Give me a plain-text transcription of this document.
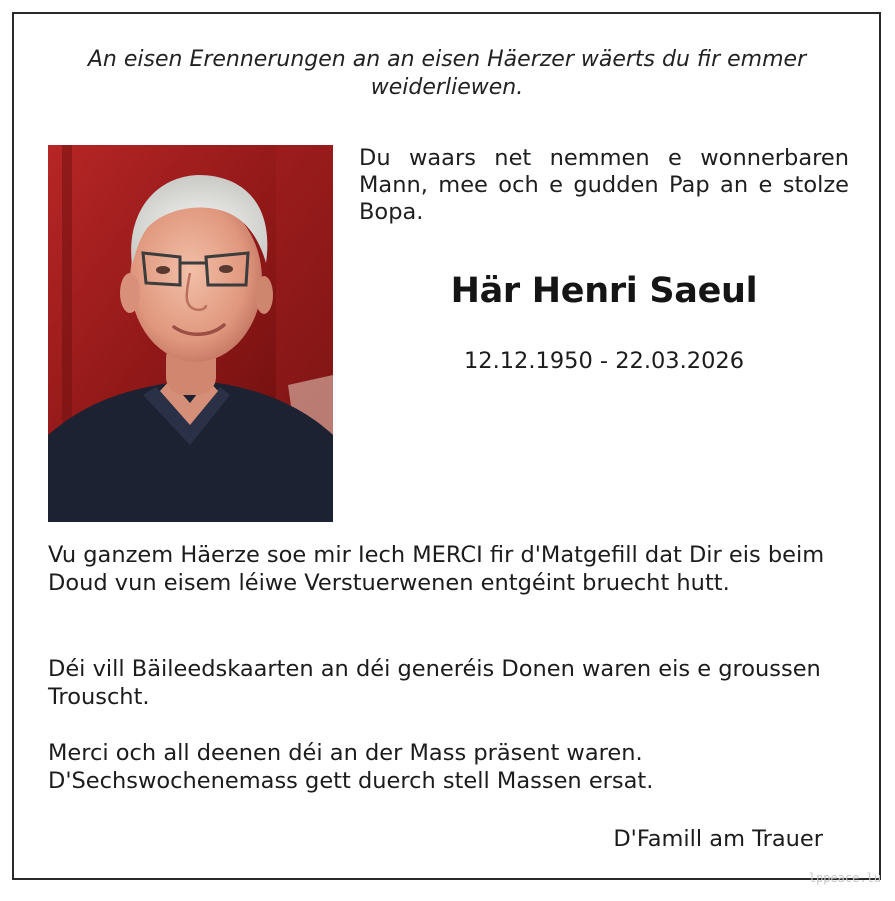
An eisen Erennerungen an an eisen Häerzer wäerts du fir emmer weiderliewen.
Du waars net nemmen e wonnerbaren Mann, mee och e gudden Pap an e stolze Bopa.
Här Henri Saeul
12.12.1950 - 22.03.2026
Vu ganzem Häerze soe mir Iech MERCI fir d'Matgefill dat Dir eis beim Doud vun eisem léiwe Verstuerwenen entgéint bruecht hutt.
Déi vill Bäileedskaarten an déi generéis Donen waren eis e groussen Trouscht.
Merci och all deenen déi an der Mass präsent waren. D'Sechswochenemass gett duerch stell Massen ersat.
D'Famill am Trauer
lppeace.lu
